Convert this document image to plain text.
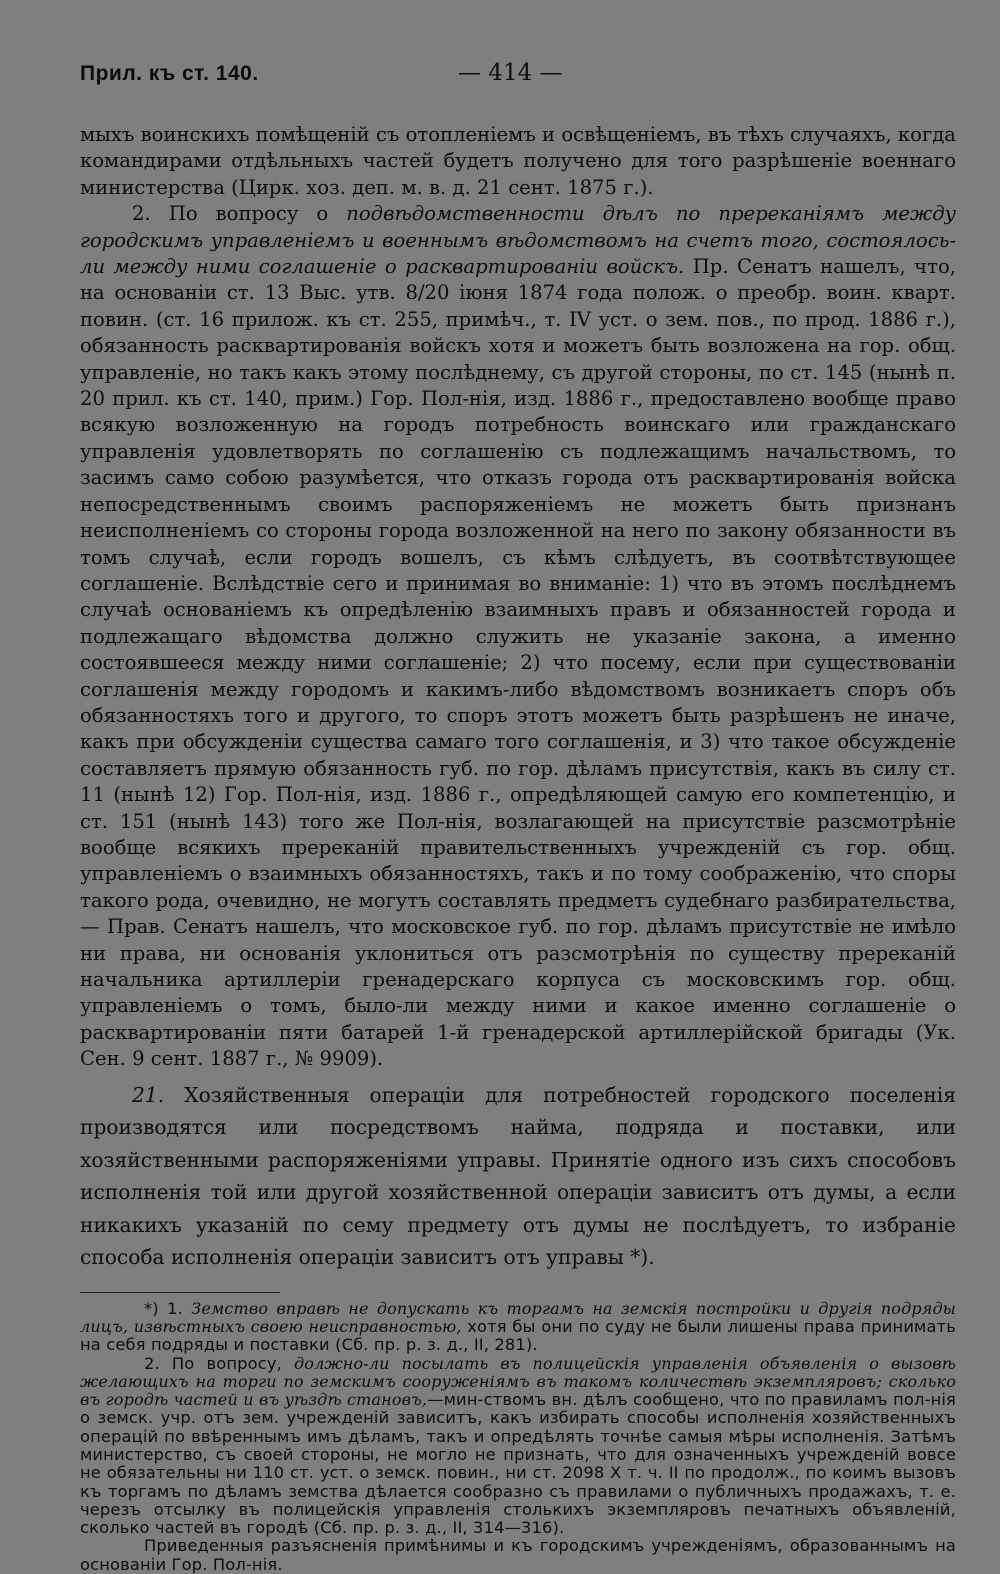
Прил. къ ст. 140.	— 414 —

мыхъ воинскихъ помѣщеній съ отопленіемъ и освѣщеніемъ, въ тѣхъ случаяхъ, когда командирами отдѣльныхъ частей будетъ получено для того разрѣшеніе военнаго министерства (Цирк. хоз. деп. м. в. д. 21 сент. 1875 г.).

2. По вопросу о подвѣдомственности дѣлъ по пререканіямъ между городскимъ управленіемъ и военнымъ вѣдомствомъ на счетъ того, состоялось-ли между ними соглашеніе о расквартированіи войскъ. Пр. Сенатъ нашелъ, что, на основаніи ст. 13 Выс. утв. 8/20 іюня 1874 года полож. о преобр. воин. кварт. повин. (ст. 16 прилож. къ ст. 255, примѣч., т. IV уст. о зем. пов., по прод. 1886 г.), обязанность расквартированія войскъ хотя и можетъ быть возложена на гор. общ. управленіе, но такъ какъ этому послѣднему, съ другой стороны, по ст. 145 (нынѣ п. 20 прил. къ ст. 140, прим.) Гор. Пол-нія, изд. 1886 г., предоставлено вообще право всякую возложенную на городъ потребность воинскаго или гражданскаго управленія удовлетворять по соглашенію съ подлежащимъ начальствомъ, то засимъ само собою разумѣется, что отказъ города отъ расквартированія войска непосредственнымъ своимъ распоряженіемъ не можетъ быть признанъ неисполненіемъ со стороны города возложенной на него по закону обязанности въ томъ случаѣ, если городъ вошелъ, съ кѣмъ слѣдуетъ, въ соотвѣтствующее соглашеніе. Вслѣдствіе сего и принимая во вниманіе: 1) что въ этомъ послѣднемъ случаѣ основаніемъ къ опредѣленію взаимныхъ правъ и обязанностей города и подлежащаго вѣдомства должно служить не указаніе закона, а именно состоявшееся между ними соглашеніе; 2) что посему, если при существованіи соглашенія между городомъ и какимъ-либо вѣдомствомъ возникаетъ споръ объ обязанностяхъ того и другого, то споръ этотъ можетъ быть разрѣшенъ не иначе, какъ при обсужденіи существа самаго того соглашенія, и 3) что такое обсужденіе составляетъ прямую обязанность губ. по гор. дѣламъ присутствія, какъ въ силу ст. 11 (нынѣ 12) Гор. Пол-нія, изд. 1886 г., опредѣляющей самую его компетенцію, и ст. 151 (нынѣ 143) того же Пол-нія, возлагающей на присутствіе разсмотрѣніе вообще всякихъ пререканій правительственныхъ учрежденій съ гор. общ. управленіемъ о взаимныхъ обязанностяхъ, такъ и по тому соображенію, что споры такого рода, очевидно, не могутъ составлять предметъ судебнаго разбирательства,— Прав. Сенатъ нашелъ, что московское губ. по гор. дѣламъ присутствіе не имѣло ни права, ни основанія уклониться отъ разсмотрѣнія по существу пререканій начальника артиллеріи гренадерскаго корпуса съ московскимъ гор. общ. управленіемъ о томъ, было-ли между ними и какое именно соглашеніе о расквартированіи пяти батарей 1-й гренадерской артиллерійской бригады (Ук. Сен. 9 сент. 1887 г., № 9909).

21. Хозяйственныя операціи для потребностей городского поселенія производятся или посредствомъ найма, подряда и поставки, или хозяйственными распоряженіями управы. Принятіе одного изъ сихъ способовъ исполненія той или другой хозяйственной операціи зависитъ отъ думы, а если никакихъ указаній по сему предмету отъ думы не послѣдуетъ, то избраніе способа исполненія операціи зависитъ отъ управы *).

*) 1. Земство вправѣ не допускать къ торгамъ на земскія постройки и другія подряды лицъ, извѣстныхъ своею неисправностью, хотя бы они по суду не были лишены права принимать на себя подряды и поставки (Сб. пр. р. з. д., II, 281).

2. По вопросу, должно-ли посылать въ полицейскія управленія объявленія о вызовѣ желающихъ на торги по земскимъ сооруженіямъ въ такомъ количествѣ экземпляровъ; сколько въ городѣ частей и въ уѣздѣ становъ,—мин-ствомъ вн. дѣлъ сообщено, что по правиламъ пол-нія о земск. учр. отъ зем. учрежденій зависитъ, какъ избирать способы исполненія хозяйственныхъ операцій по ввѣреннымъ имъ дѣламъ, такъ и опредѣлять точнѣе самыя мѣры исполненія. Затѣмъ министерство, съ своей стороны, не могло не признать, что для означенныхъ учрежденій вовсе не обязательны ни 110 ст. уст. о земск. повин., ни ст. 2098 X т. ч. II по продолж., по коимъ вызовъ къ торгамъ по дѣламъ земства дѣлается сообразно съ правилами о публичныхъ продажахъ, т. е. черезъ отсылку въ полицейскія управленія столькихъ экземпляровъ печатныхъ объявленій, сколько частей въ городѣ (Сб. пр. р. з. д., II, 314—316).

Приведенныя разъясненія примѣнимы и къ городскимъ учрежденіямъ, образованнымъ на основаніи Гор. Пол-нія.
